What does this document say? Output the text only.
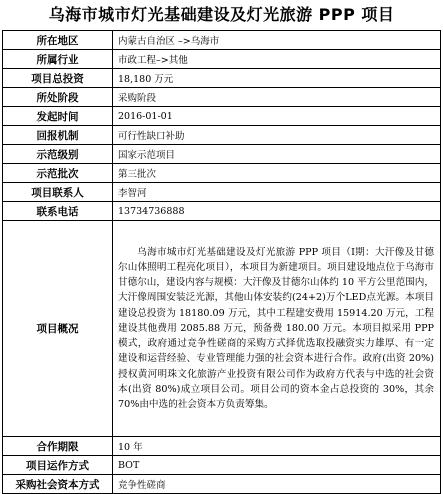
乌海市城市灯光基础建设及灯光旅游 PPP 项目
所在地区	内蒙古自治区 –>乌海市
所属行业	市政工程–>其他
项目总投资	18,180 万元
所处阶段	采购阶段
发起时间	2016-01-01
回报机制	可行性缺口补助
示范级别	国家示范项目
示范批次	第三批次
项目联系人	李智河
联系电话	13734736888
项目概况	乌海市城市灯光基础建设及灯光旅游 PPP 项目（Ⅰ期：大汗像及甘德尔山体照明工程亮化项目），本项目为新建项目。项目建设地点位于乌海市甘德尔山，建设内容与规模：大汗像及甘德尔山体约 10 平方公里范围内，大汗像周围安装泛光源，其他山体安装约(24+2)万个LED点光源。本项目建设总投资为 18180.09 万元，其中工程建安费用 15914.20 万元，工程建设其他费用 2085.88 万元，预备费 180.00 万元。本项目拟采用 PPP 模式，政府通过竞争性磋商的采购方式择优选取投融资实力雄厚、有一定建设和运营经验、专业管理能力强的社会资本进行合作。政府(出资 20%)授权黄河明珠文化旅游产业投资有限公司作为政府方代表与中选的社会资本(出资 80%)成立项目公司。项目公司的资本金占总投资的 30%，其余 70%由中选的社会资本方负责筹集。

合作期限	10 年
项目运作方式	BOT
采购社会资本方式	竞争性磋商
